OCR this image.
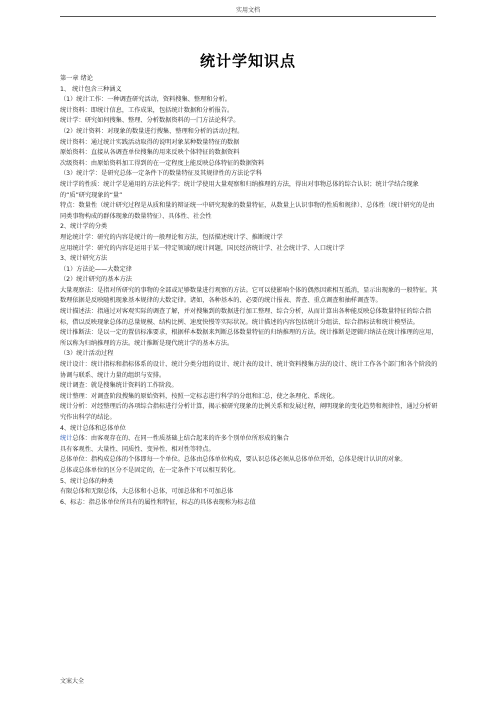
实用文档
统计学知识点

第一章 绪论

1、 统计包含三种涵义

（1）统计工作：一种调查研究活动，资料搜集、整理和分析。

统计资料：即统计信息，工作成果，包括统计数据和分析报告。

统计学：研究如何搜集、整理、分析数据资料的一门方法论科学。

（2）统计资料：对现象的数量进行搜集、整理和分析的活动过程。

统计资料：通过统计实践活动取得的说明对象某种数量特征的数据

原始资料：直接从各调查单位搜集的用来反映个体特征的数据资料

次级资料：由原始资料加工得到的在一定程度上能反映总体特征的数据资料

（3）统计学：是研究总体一定条件下的数量特征及其规律性的方法论学科

统计学的性质：统计学是通用的方法论科学；统计学使用大量观察和归纳推理的方法，得出对事物总体的综合认识；统计学结合现象的“质”研究现象的“量”

特点：数量性（统计研究过程是从质和量的辩证统一中研究现象的数量特征，从数量上认识事物的性质和规律）、总体性（统计研究的是由同类事物构成的群体现象的数量特征）、具体性、社会性

2、统计学的分类

理论统计学：研究的内容是统计的一般理论和方法，包括描述统计学、推断统计学

应用统计学：研究的内容是运用于某一特定领域的统计问题，国民经济统计学、社会统计学、人口统计学

3、统计研究方法

（1）方法论——大数定律

（2）统计研究的基本方法

大量观察法：是指对所研究的事物的全部或足够数量进行观察的方法。它可以使影响个体的偶然因素相互抵消，显示出现象的一般特征。其数理依据是反映随机现象基本规律的大数定律。诸如，各种基本的、必要的统计报表、普查、重点调查和抽样调查等。

统计描述法：指通过对客观实际的调查了解，并对搜集到的数据进行加工整理、综合分析，从而计算出各种能反映总体数量特征的综合指标，借以反映现象总体的总量规模、结构比例、速度快慢等实际状况。统计描述的内容包括统计分组法、综合指标法和统计模型法。

统计推断法：是以一定的置信标准要求，根据样本数据来判断总体数量特征的归纳推理的方法。统计推断是逻辑归纳法在统计推理的应用，所以称为归纳推理的方法。统计推断是现代统计学的基本方法。

（3）统计活动过程

统计设计：统计指标和指标体系的设计、统计分类分组的设计、统计表的设计、统计资料搜集方法的设计、统计工作各个部门和各个阶段的协调与联系、统计力量的组织与安排。

统计调查：就是搜集统计资料的工作阶段。

统计整理：对调查阶段搜集的原始资料，按照一定标志进行科学的分组和汇总，使之条理化、系统化。

统计分析：对经整理后的各项综合指标进行分析计算，揭示被研究现象的比例关系和发展过程，阐明现象的变化趋势和规律性，通过分析研究作出科学的结论。

4、统计总体和总体单位

统计总体：由客观存在的、在同一性质基础上结合起来的许多个别单位所形成的集合

具有客观性、大量性、同质性、变异性、相对性等特点。

总体单位：指构成总体的个体即每一个单位。总体由总体单位构成，要认识总体必须从总体单位开始，总体是统计认识的对象。

总体或总体单位的区分不是固定的，在一定条件下可以相互转化。

5、统计总体的种类

有限总体和无限总体，大总体和小总体，可加总体和不可加总体

6、标志：指总体单位所具有的属性和特征，标志的具体表现称为标志值

文案大全
